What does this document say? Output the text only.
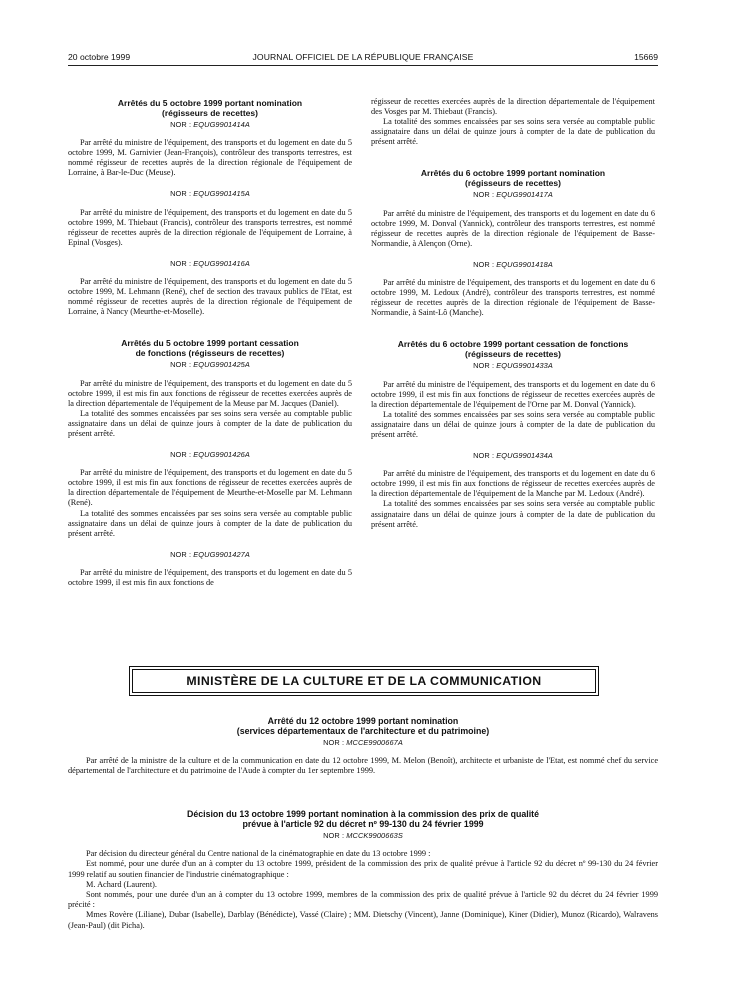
20 octobre 1999	JOURNAL OFFICIEL DE LA RÉPUBLIQUE FRANÇAISE	15669

Arrêtés du 5 octobre 1999 portant nomination
(régisseurs de recettes)

NOR : EQUG9901414A

Par arrêté du ministre de l'équipement, des transports et du logement en date du 5 octobre 1999, M. Garnivier (Jean-François), contrôleur des transports terrestres, est nommé régisseur de recettes auprès de la direction régionale de l'équipement de Lorraine, à Bar-le-Duc (Meuse).

NOR : EQUG9901415A

Par arrêté du ministre de l'équipement, des transports et du logement en date du 5 octobre 1999, M. Thiebaut (Francis), contrôleur des transports terrestres, est nommé régisseur de recettes auprès de la direction régionale de l'équipement de Lorraine, à Epinal (Vosges).

NOR : EQUG9901416A

Par arrêté du ministre de l'équipement, des transports et du logement en date du 5 octobre 1999, M. Lehmann (René), chef de section des travaux publics de l'Etat, est nommé régisseur de recettes auprès de la direction régionale de l'équipement de Lorraine, à Nancy (Meurthe-et-Moselle).

Arrêtés du 5 octobre 1999 portant cessation
de fonctions (régisseurs de recettes)

NOR : EQUG9901425A

Par arrêté du ministre de l'équipement, des transports et du logement en date du 5 octobre 1999, il est mis fin aux fonctions de régisseur de recettes exercées auprès de la direction départementale de l'équipement de la Meuse par M. Jacques (Daniel).

La totalité des sommes encaissées par ses soins sera versée au comptable public assignataire dans un délai de quinze jours à compter de la date de publication du présent arrêté.

NOR : EQUG9901426A

Par arrêté du ministre de l'équipement, des transports et du logement en date du 5 octobre 1999, il est mis fin aux fonctions de régisseur de recettes exercées auprès de la direction départementale de l'équipement de Meurthe-et-Moselle par M. Lehmann (René).

La totalité des sommes encaissées par ses soins sera versée au comptable public assignataire dans un délai de quinze jours à compter de la date de publication du présent arrêté.

NOR : EQUG9901427A

Par arrêté du ministre de l'équipement, des transports et du logement en date du 5 octobre 1999, il est mis fin aux fonctions de

régisseur de recettes exercées auprès de la direction départementale de l'équipement des Vosges par M. Thiebaut (Francis).

La totalité des sommes encaissées par ses soins sera versée au comptable public assignataire dans un délai de quinze jours à compter de la date de publication du présent arrêté.

Arrêtés du 6 octobre 1999 portant nomination
(régisseurs de recettes)

NOR : EQUG9901417A

Par arrêté du ministre de l'équipement, des transports et du logement en date du 6 octobre 1999, M. Donval (Yannick), contrôleur des transports terrestres, est nommé régisseur de recettes auprès de la direction régionale de l'équipement de Basse-Normandie, à Alençon (Orne).

NOR : EQUG9901418A

Par arrêté du ministre de l'équipement, des transports et du logement en date du 6 octobre 1999, M. Ledoux (André), contrôleur des transports terrestres, est nommé régisseur de recettes auprès de la direction régionale de l'équipement de Basse-Normandie, à Saint-Lô (Manche).

Arrêtés du 6 octobre 1999 portant cessation de fonctions
(régisseurs de recettes)

NOR : EQUG9901433A

Par arrêté du ministre de l'équipement, des transports et du logement en date du 6 octobre 1999, il est mis fin aux fonctions de régisseur de recettes exercées auprès de la direction départementale de l'équipement de l'Orne par M. Donval (Yannick).

La totalité des sommes encaissées par ses soins sera versée au comptable public assignataire dans un délai de quinze jours à compter de la date de publication du présent arrêté.

NOR : EQUG9901434A

Par arrêté du ministre de l'équipement, des transports et du logement en date du 6 octobre 1999, il est mis fin aux fonctions de régisseur de recettes exercées auprès de la direction départementale de l'équipement de la Manche par M. Ledoux (André).

La totalité des sommes encaissées par ses soins sera versée au comptable public assignataire dans un délai de quinze jours à compter de la date de publication du présent arrêté.

MINISTÈRE DE LA CULTURE ET DE LA COMMUNICATION

Arrêté du 12 octobre 1999 portant nomination
(services départementaux de l'architecture et du patrimoine)

NOR : MCCE9900667A

Par arrêté de la ministre de la culture et de la communication en date du 12 octobre 1999, M. Melon (Benoît), architecte et urbaniste de l'Etat, est nommé chef du service départemental de l'architecture et du patrimoine de l'Aude à compter du 1er septembre 1999.

Décision du 13 octobre 1999 portant nomination à la commission des prix de qualité
prévue à l'article 92 du décret nº 99-130 du 24 février 1999

NOR : MCCK9900663S

Par décision du directeur général du Centre national de la cinématographie en date du 13 octobre 1999 :

Est nommé, pour une durée d'un an à compter du 13 octobre 1999, président de la commission des prix de qualité prévue à l'article 92 du décret nº 99-130 du 24 février 1999 relatif au soutien financier de l'industrie cinématographique :

M. Achard (Laurent).

Sont nommés, pour une durée d'un an à compter du 13 octobre 1999, membres de la commission des prix de qualité prévue à l'article 92 du décret du 24 février 1999 précité :

Mmes Rovère (Liliane), Dubar (Isabelle), Darblay (Bénédicte), Vassé (Claire) ; MM. Dietschy (Vincent), Janne (Dominique), Kiner (Didier), Munoz (Ricardo), Walravens (Jean-Paul) (dit Picha).
